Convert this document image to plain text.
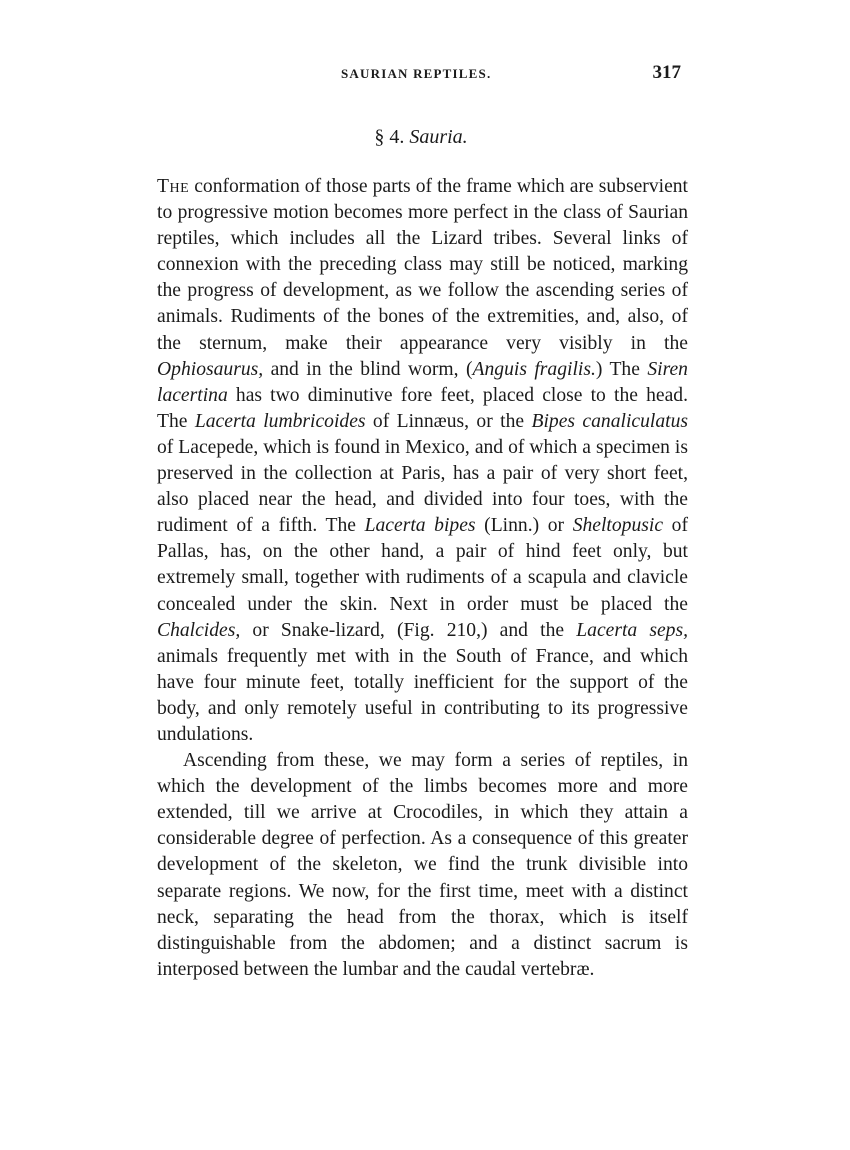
SAURIAN REPTILES.	317
§ 4. Sauria.

The conformation of those parts of the frame which are subservient to progressive motion becomes more perfect in the class of Saurian reptiles, which includes all the Lizard tribes. Several links of connexion with the preceding class may still be noticed, marking the progress of development, as we follow the ascending series of animals. Rudiments of the bones of the extremities, and, also, of the sternum, make their appearance very visibly in the Ophiosaurus, and in the blind worm, (Anguis fragilis.) The Siren lacertina has two diminutive fore feet, placed close to the head. The Lacerta lumbricoides of Linnæus, or the Bipes canaliculatus of Lacepede, which is found in Mexico, and of which a specimen is preserved in the collection at Paris, has a pair of very short feet, also placed near the head, and divided into four toes, with the rudiment of a fifth. The Lacerta bipes (Linn.) or Sheltopusic of Pallas, has, on the other hand, a pair of hind feet only, but extremely small, together with rudiments of a scapula and clavicle concealed under the skin. Next in order must be placed the Chalcides, or Snake-lizard, (Fig. 210,) and the Lacerta seps, animals frequently met with in the South of France, and which have four minute feet, totally inefficient for the support of the body, and only remotely useful in contributing to its progressive undulations.

Ascending from these, we may form a series of reptiles, in which the development of the limbs becomes more and more extended, till we arrive at Crocodiles, in which they attain a considerable degree of perfection. As a consequence of this greater development of the skeleton, we find the trunk divisible into separate regions. We now, for the first time, meet with a distinct neck, separating the head from the thorax, which is itself distinguishable from the abdomen; and a distinct sacrum is interposed between the lumbar and the caudal vertebræ.
